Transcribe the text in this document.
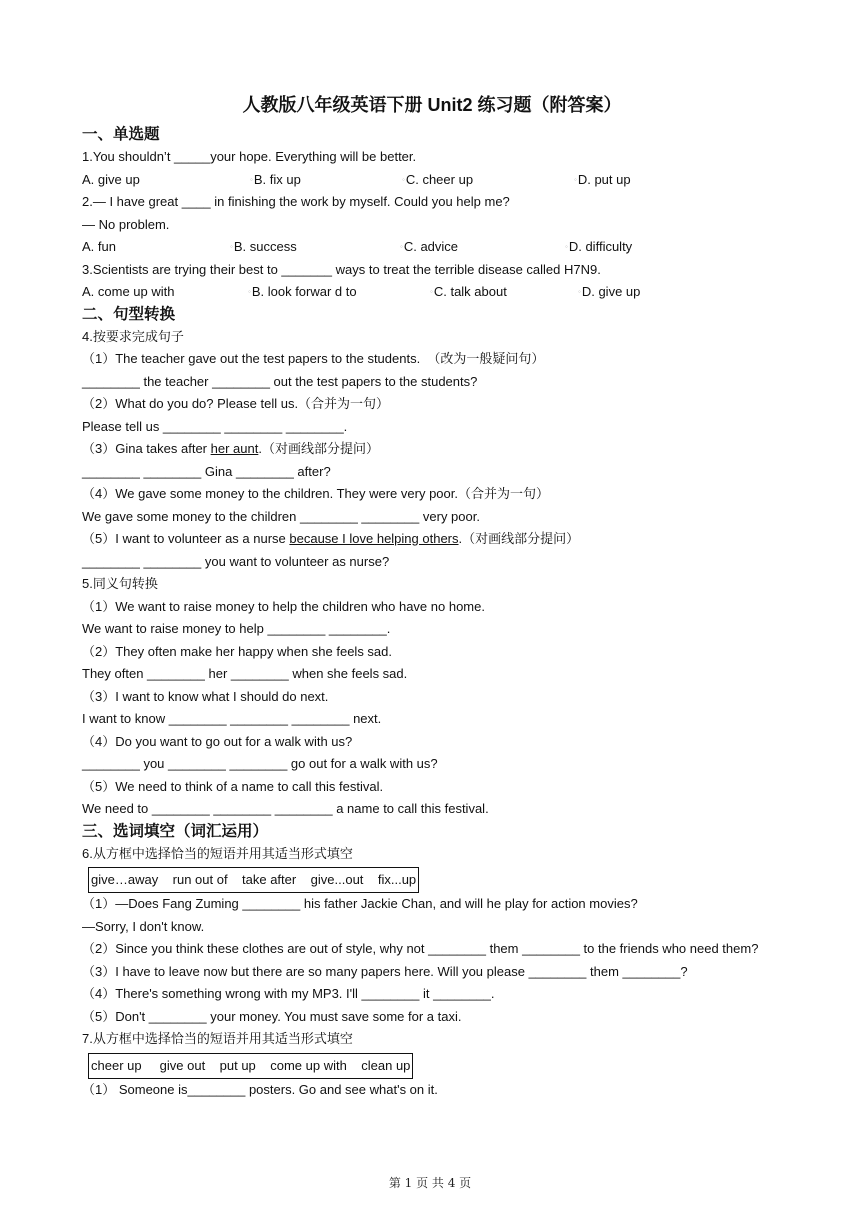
人教版八年级英语下册 Unit2 练习题（附答案）
一、单选题
1.You shouldn’t _____your hope. Everything will be better.
A. give up	◦B. fix up	◦C. cheer up	◦D. put up
2.— I have great ____ in finishing the work by myself. Could you help me?
— No problem.
A. fun	◦B. success	◦C. advice	◦D. difficulty
3.Scientists are trying their best to _______ ways to treat the terrible disease called H7N9.
A. come up with	◦B. look forwar d to	◦C. talk about	◦D. give up
二、句型转换
4.按要求完成句子
（1）The teacher gave out the test papers to the students.  （改为一般疑问句）
________ the teacher ________ out the test papers to the students?
（2）What do you do? Please tell us.（合并为一句）
Please tell us ________ ________ ________.
（3）Gina takes after her aunt.（对画线部分提问）
________ ________ Gina ________ after?
（4）We gave some money to the children. They were very poor.（合并为一句）
We gave some money to the children ________ ________ very poor.
（5）I want to volunteer as a nurse because I love helping others.（对画线部分提问）
________ ________ you want to volunteer as nurse?
5.同义句转换
（1）We want to raise money to help the children who have no home.
We want to raise money to help ________ ________.
（2）They often make her happy when she feels sad.
They often ________ her ________ when she feels sad.
（3）I want to know what I should do next.
I want to know ________ ________ ________ next.
（4）Do you want to go out for a walk with us?
________ you ________ ________ go out for a walk with us?
（5）We need to think of a name to call this festival.
We need to ________ ________ ________ a name to call this festival.
三、选词填空（词汇运用）
6.从方框中选择恰当的短语并用其适当形式填空
give…away    run out of    take after    give...out    fix...up
（1）—Does Fang Zuming ________ his father Jackie Chan, and will he play for action movies?
—Sorry, I don't know.
（2）Since you think these clothes are out of style, why not ________ them ________ to the friends who need them?
（3）I have to leave now but there are so many papers here. Will you please ________ them ________?
（4）There's something wrong with my MP3. I'll ________ it ________.
（5）Don't ________ your money. You must save some for a taxi.
7.从方框中选择恰当的短语并用其适当形式填空
cheer up     give out    put up    come up with    clean up
（1） Someone is________ posters. Go and see what's on it.
第 1 页 共 4 页
